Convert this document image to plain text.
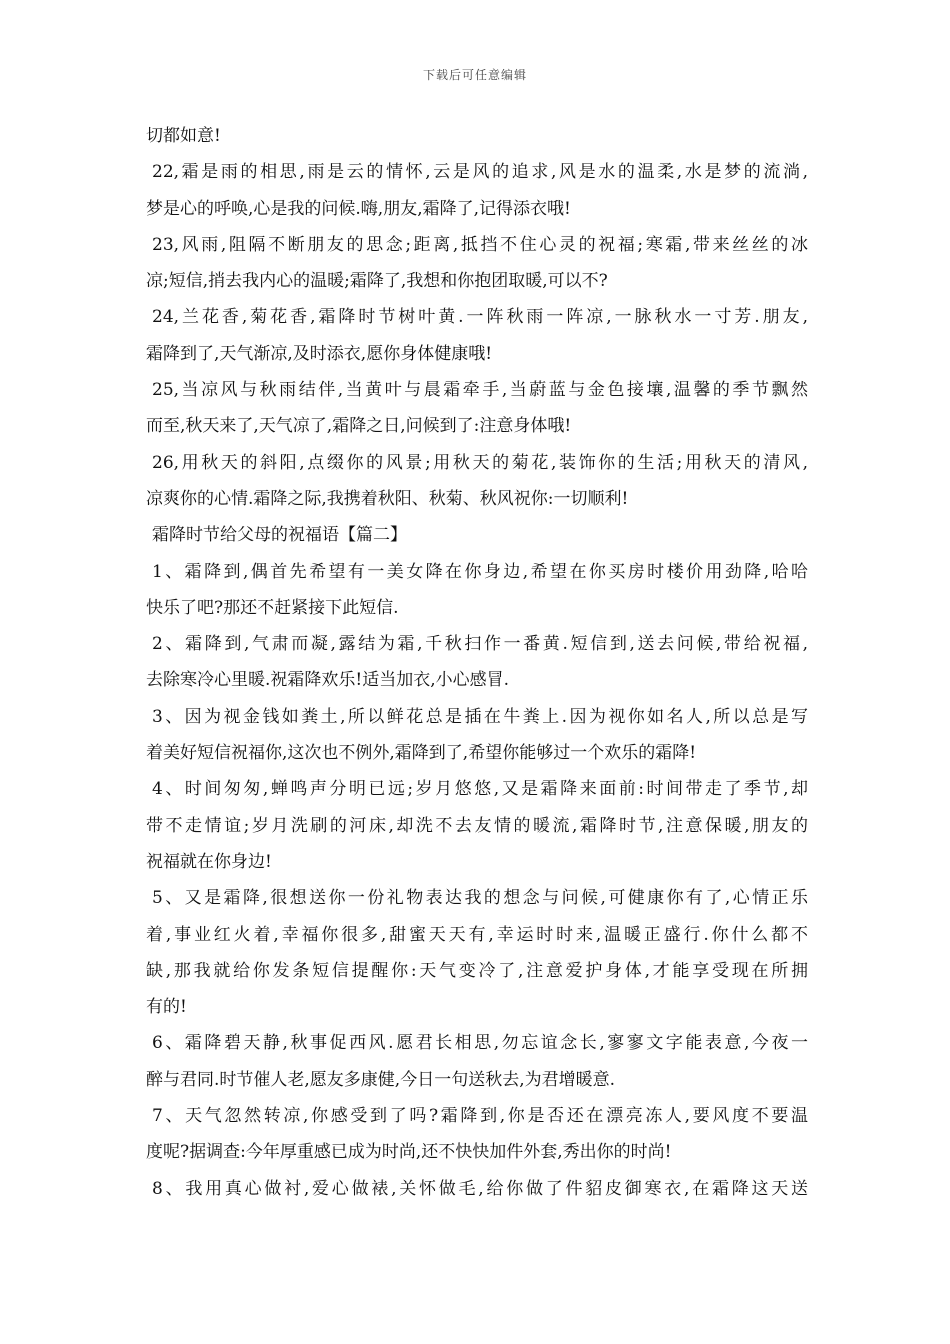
下载后可任意编辑
切都如意!
22,霜是雨的相思,雨是云的情怀,云是风的追求,风是水的温柔,水是梦的流淌,
梦是心的呼唤,心是我的问候.嗨,朋友,霜降了,记得添衣哦!
23,风雨,阻隔不断朋友的思念;距离,抵挡不住心灵的祝福;寒霜,带来丝丝的冰
凉;短信,捎去我内心的温暖;霜降了,我想和你抱团取暖,可以不?
24,兰花香,菊花香,霜降时节树叶黄.一阵秋雨一阵凉,一脉秋水一寸芳.朋友,
霜降到了,天气渐凉,及时添衣,愿你身体健康哦!
25,当凉风与秋雨结伴,当黄叶与晨霜牵手,当蔚蓝与金色接壤,温馨的季节飘然
而至,秋天来了,天气凉了,霜降之日,问候到了:注意身体哦!
26,用秋天的斜阳,点缀你的风景;用秋天的菊花,装饰你的生活;用秋天的清风,
凉爽你的心情.霜降之际,我携着秋阳、秋菊、秋风祝你:一切顺利!
霜降时节给父母的祝福语【篇二】
1、霜降到,偶首先希望有一美女降在你身边,希望在你买房时楼价用劲降,哈哈
快乐了吧?那还不赶紧接下此短信.
2、霜降到,气肃而凝,露结为霜,千秋扫作一番黄.短信到,送去问候,带给祝福,
去除寒冷心里暖.祝霜降欢乐!适当加衣,小心感冒.
3、因为视金钱如粪土,所以鲜花总是插在牛粪上.因为视你如名人,所以总是写
着美好短信祝福你,这次也不例外,霜降到了,希望你能够过一个欢乐的霜降!
4、时间匆匆,蝉鸣声分明已远;岁月悠悠,又是霜降来面前:时间带走了季节,却
带不走情谊;岁月洗刷的河床,却洗不去友情的暖流,霜降时节,注意保暖,朋友的
祝福就在你身边!
5、又是霜降,很想送你一份礼物表达我的想念与问候,可健康你有了,心情正乐
着,事业红火着,幸福你很多,甜蜜天天有,幸运时时来,温暖正盛行.你什么都不
缺,那我就给你发条短信提醒你:天气变冷了,注意爱护身体,才能享受现在所拥
有的!
6、霜降碧天静,秋事促西风.愿君长相思,勿忘谊念长,寥寥文字能表意,今夜一
醉与君同.时节催人老,愿友多康健,今日一句送秋去,为君增暖意.
7、天气忽然转凉,你感受到了吗?霜降到,你是否还在漂亮冻人,要风度不要温
度呢?据调查:今年厚重感已成为时尚,还不快快加件外套,秀出你的时尚!
8、我用真心做衬,爱心做裱,关怀做毛,给你做了件貂皮御寒衣,在霜降这天送
